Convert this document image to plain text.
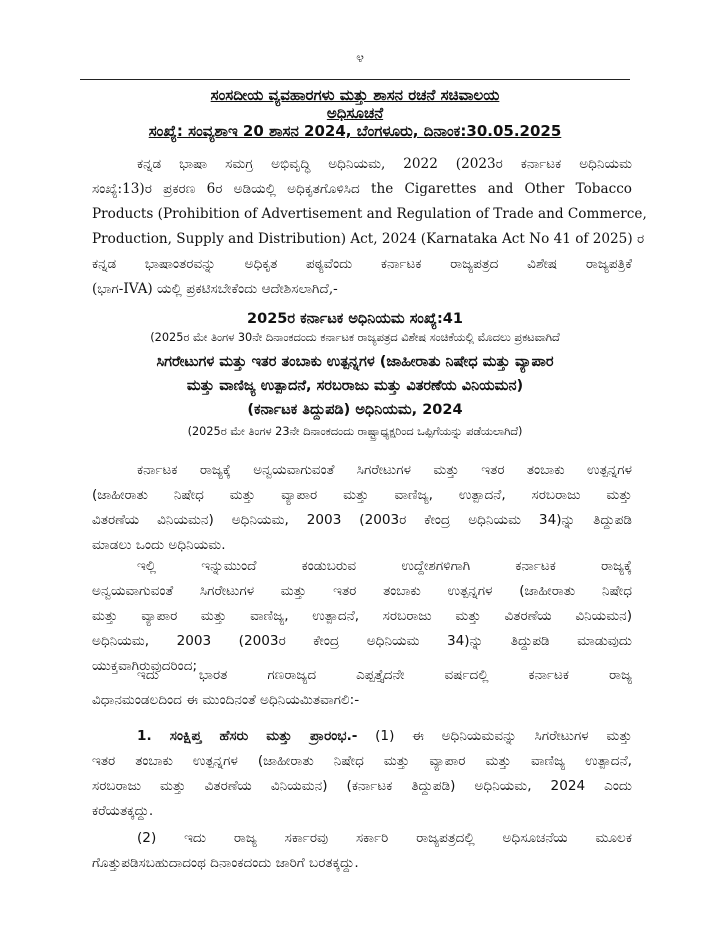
೪
ಸಂಸದೀಯ ವ್ಯವಹಾರಗಳು ಮತ್ತು ಶಾಸನ ರಚನೆ ಸಚಿವಾಲಯ
ಅಧಿಸೂಚನೆ
ಸಂಖ್ಯೆ: ಸಂವ್ಯಶಾಇ 20 ಶಾಸನ 2024, ಬೆಂಗಳೂರು, ದಿನಾಂಕ:30.05.2025
ಕನ್ನಡ ಭಾಷಾ ಸಮಗ್ರ ಅಭಿವೃದ್ಧಿ ಅಧಿನಿಯಮ, 2022 (2023ರ ಕರ್ನಾಟಕ ಅಧಿನಿಯಮ
ಸಂಖ್ಯೆ:13)ರ ಪ್ರಕರಣ 6ರ ಅಡಿಯಲ್ಲಿ ಅಧಿಕೃತಗೊಳಿಸಿದ the Cigarettes and Other Tobacco
Products (Prohibition of Advertisement and Regulation of Trade and Commerce,
Production, Supply and Distribution) Act, 2024 (Karnataka Act No 41 of 2025) ರ
ಕನ್ನಡ ಭಾಷಾಂತರವನ್ನು ಅಧಿಕೃತ ಪಠ್ಯವೆಂದು ಕರ್ನಾಟಕ ರಾಜ್ಯಪತ್ರದ ವಿಶೇಷ ರಾಜ್ಯಪತ್ರಿಕೆ
(ಭಾಗ-IVA) ಯಲ್ಲಿ ಪ್ರಕಟಿಸಬೇಕೆಂದು ಆದೇಶಿಸಲಾಗಿದೆ,-
2025ರ ಕರ್ನಾಟಕ ಅಧಿನಿಯಮ ಸಂಖ್ಯೆ:41
(2025ರ ಮೇ ತಿಂಗಳ 30ನೇ ದಿನಾಂಕದಂದು ಕರ್ನಾಟಕ ರಾಜ್ಯಪತ್ರದ ವಿಶೇಷ ಸಂಚಿಕೆಯಲ್ಲಿ ಮೊದಲು ಪ್ರಕಟವಾಗಿದೆ
ಸಿಗರೇಟುಗಳ ಮತ್ತು ಇತರ ತಂಬಾಕು ಉತ್ಪನ್ನಗಳ (ಜಾಹೀರಾತು ನಿಷೇಧ ಮತ್ತು ವ್ಯಾಪಾರ
ಮತ್ತು ವಾಣಿಜ್ಯ ಉತ್ಪಾದನೆ, ಸರಬರಾಜು ಮತ್ತು ವಿತರಣೆಯ ವಿನಿಯಮನ)
(ಕರ್ನಾಟಕ ತಿದ್ದುಪಡಿ) ಅಧಿನಿಯಮ, 2024
(2025ರ ಮೇ ತಿಂಗಳ 23ನೇ ದಿನಾಂಕದಂದು ರಾಷ್ಟ್ರಾಧ್ಯಕ್ಷರಿಂದ ಒಪ್ಪಿಗೆಯನ್ನು ಪಡೆಯಲಾಗಿದೆ)
ಕರ್ನಾಟಕ ರಾಜ್ಯಕ್ಕೆ ಅನ್ವಯವಾಗುವಂತೆ ಸಿಗರೇಟುಗಳ ಮತ್ತು ಇತರ ತಂಬಾಕು ಉತ್ಪನ್ನಗಳ
(ಜಾಹೀರಾತು ನಿಷೇಧ ಮತ್ತು ವ್ಯಾಪಾರ ಮತ್ತು ವಾಣಿಜ್ಯ, ಉತ್ಪಾದನೆ, ಸರಬರಾಜು ಮತ್ತು
ವಿತರಣೆಯ ವಿನಿಯಮನ) ಅಧಿನಿಯಮ, 2003 (2003ರ ಕೇಂದ್ರ ಅಧಿನಿಯಮ 34)ನ್ನು ತಿದ್ದುಪಡಿ
ಮಾಡಲು ಒಂದು ಅಧಿನಿಯಮ.
ಇಲ್ಲಿ ಇನ್ನುಮುಂದೆ ಕಂಡುಬರುವ ಉದ್ದೇಶಗಳಿಗಾಗಿ ಕರ್ನಾಟಕ ರಾಜ್ಯಕ್ಕೆ
ಅನ್ವಯವಾಗುವಂತೆ ಸಿಗರೇಟುಗಳ ಮತ್ತು ಇತರ ತಂಬಾಕು ಉತ್ಪನ್ನಗಳ (ಜಾಹೀರಾತು ನಿಷೇಧ
ಮತ್ತು ವ್ಯಾಪಾರ ಮತ್ತು ವಾಣಿಜ್ಯ, ಉತ್ಪಾದನೆ, ಸರಬರಾಜು ಮತ್ತು ವಿತರಣೆಯ ವಿನಿಯಮನ)
ಅಧಿನಿಯಮ, 2003 (2003ರ ಕೇಂದ್ರ ಅಧಿನಿಯಮ 34)ನ್ನು ತಿದ್ದುಪಡಿ ಮಾಡುವುದು
ಯುಕ್ತವಾಗಿರುವುದರಿಂದ;
ಇದು ಭಾರತ ಗಣರಾಜ್ಯದ ಎಪ್ಪತ್ತೈದನೇ ವರ್ಷದಲ್ಲಿ ಕರ್ನಾಟಕ ರಾಜ್ಯ
ವಿಧಾನಮಂಡಲದಿಂದ ಈ ಮುಂದಿನಂತೆ ಅಧಿನಿಯಮಿತವಾಗಲಿ:-
1. ಸಂಕ್ಷಿಪ್ತ ಹೆಸರು ಮತ್ತು ಪ್ರಾರಂಭ.- (1) ಈ ಅಧಿನಿಯಮವನ್ನು ಸಿಗರೇಟುಗಳ ಮತ್ತು
ಇತರ ತಂಬಾಕು ಉತ್ಪನ್ನಗಳ (ಜಾಹೀರಾತು ನಿಷೇಧ ಮತ್ತು ವ್ಯಾಪಾರ ಮತ್ತು ವಾಣಿಜ್ಯ ಉತ್ಪಾದನೆ,
ಸರಬರಾಜು ಮತ್ತು ವಿತರಣೆಯ ವಿನಿಯಮನ) (ಕರ್ನಾಟಕ ತಿದ್ದುಪಡಿ) ಅಧಿನಿಯಮ, 2024 ಎಂದು
ಕರೆಯತಕ್ಕದ್ದು.
(2) ಇದು ರಾಜ್ಯ ಸರ್ಕಾರವು ಸರ್ಕಾರಿ ರಾಜ್ಯಪತ್ರದಲ್ಲಿ ಅಧಿಸೂಚನೆಯ ಮೂಲಕ
ಗೊತ್ತುಪಡಿಸಬಹುದಾದಂಥ ದಿನಾಂಕದಂದು ಜಾರಿಗೆ ಬರತಕ್ಕದ್ದು.
